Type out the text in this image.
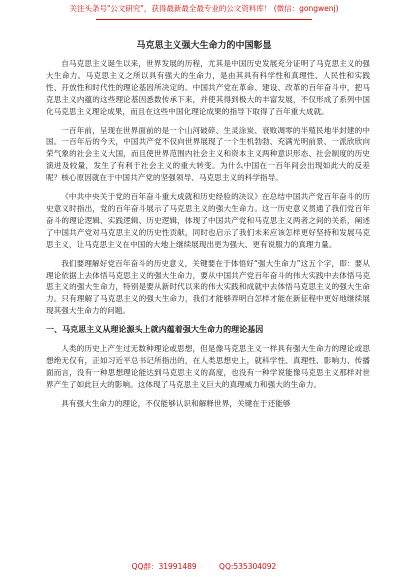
关注头条号"公文研究"，获得最新最全最专业的公文资料库！ (微信：gongwenj)
马克思主义强大生命力的中国彰显

自马克思主义诞生以来，世界发展的历程，尤其是中国历史发展充分证明了马克思主义的强大生命力。马克思主义之所以具有强大的生命力，是由其具有科学性和真理性、人民性和实践性、开放性和时代性的理论基因所决定的。中国共产党在革命、建设、改革的百年奋斗中，把马克思主义内蕴的这些理论基因悉数传承下来，并使其得到极大的丰富发展，不仅形成了系列中国化马克思主义理论成果，而且在这些中国化理论成果的指导下取得了百年重大成就。

一百年前，呈现在世界面前的是一个山河破碎、生灵涂炭、衰败凋零的半殖民地半封建的中国。一百年后的今天，中国共产党不仅向世界展现了一个生机勃勃、充满光明前景、一派欣欣向荣气象的社会主义大国，而且使世界范围内社会主义和资本主义两种意识形态、社会制度的历史演进及较量，发生了有利于社会主义的重大转变。为什么中国在一百年间会出现如此大的反差呢？核心原因就在于中国共产党的坚强领导、马克思主义的科学指导。

《中共中央关于党的百年奋斗重大成就和历史经验的决议》在总结中国共产党百年奋斗的历史意义时指出，党的百年奋斗展示了马克思主义的强大生命力。这一历史意义贯通了我们党百年奋斗的理论逻辑、实践逻辑、历史逻辑，体现了中国共产党和马克思主义两者之间的关系，阐述了中国共产党对马克思主义的历史性贡献，同时也启示了我们未来应该怎样更好坚持和发展马克思主义，让马克思主义在中国的大地上继续展现出更为强大、更有说服力的真理力量。

我们要理解好党百年奋斗的历史意义，关键要在于体悟好“强大生命力”这五个字，即：要从理论依据上去体悟马克思主义的强大生命力，要从中国共产党百年奋斗的伟大实践中去体悟马克思主义的强大生命力，特别是要从新时代以来的伟大实践和成就中去体悟马克思主义的强大生命力。只有理解了马克思主义的强大生命力，我们才能够弄明白怎样才能在新征程中更好地继续展现其强大生命力的问题。

一、马克思主义从理论源头上就内蕴着强大生命力的理论基因

人类的历史上产生过无数种理论或思想，但是像马克思主义一样具有强大生命力的理论或思想绝无仅有，正如习近平总书记所指出的，在人类思想史上，就科学性、真理性、影响力、传播面而言，没有一种思想理论能达到马克思主义的高度，也没有一种学说能像马克思主义那样对世界产生了如此巨大的影响。这体现了马克思主义巨大的真理威力和强大的生命力。

具有强大生命力的理论，不仅能够认识和解释世界，关键在于还能够

QQ群：31991489	QQ:535304092
